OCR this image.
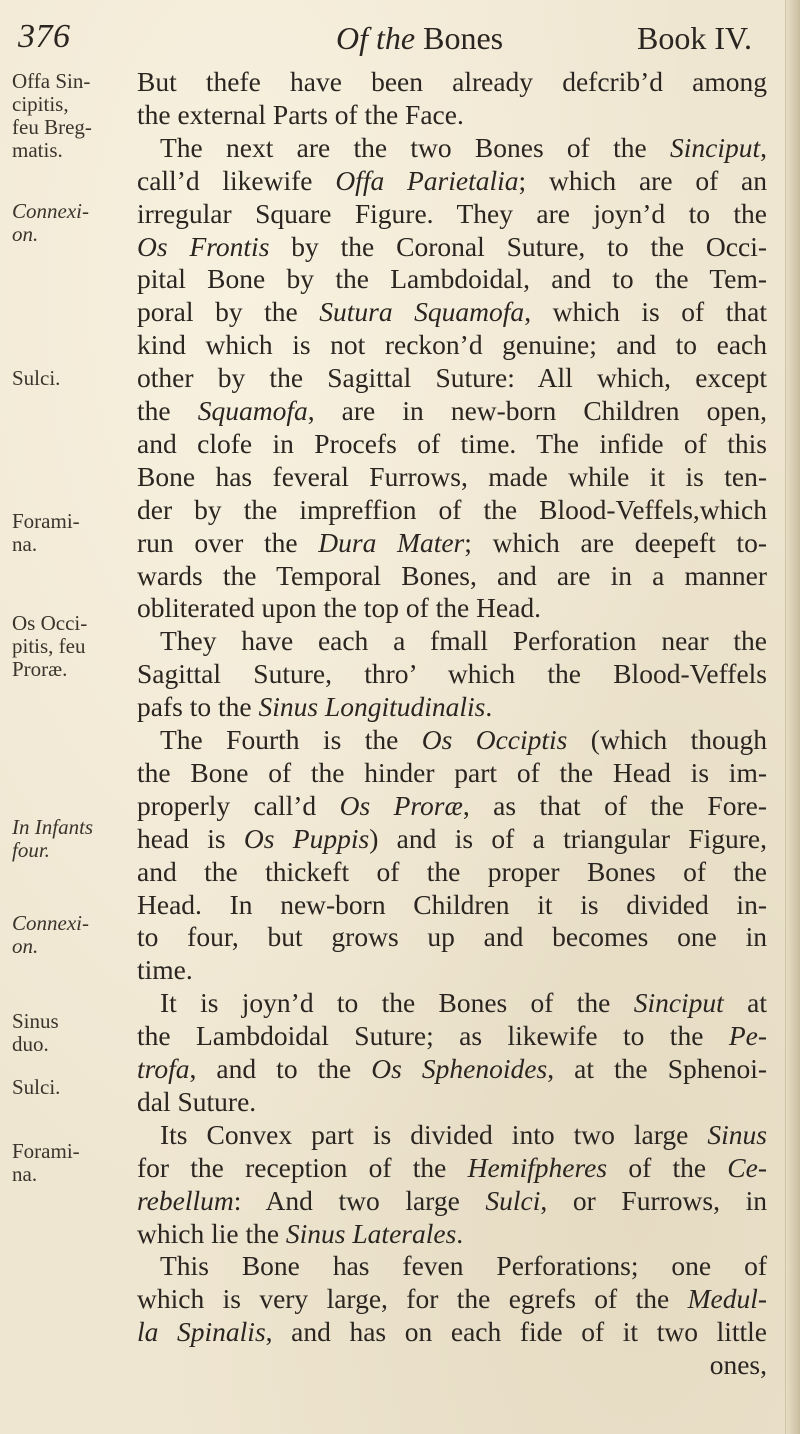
376	Of the Bones	Book IV.
Offa Sin-
cipitis,
feu Breg-
matis.
Connexi-
on.
Sulci.
Forami-
na.
Os Occi-
pitis, feu
Proræ.
In Infants
four.
Connexi-
on.
Sinus
duo.
Sulci.
Forami-
na.
But thefe have been already defcrib’d among
the external Parts of the Face.
The next are the two Bones of the Sinciput,
call’d likewife Offa Parietalia; which are of an
irregular Square Figure. They are joyn’d to the
Os Frontis by the Coronal Suture, to the Occi-
pital Bone by the Lambdoidal, and to the Tem-
poral by the Sutura Squamofa, which is of that
kind which is not reckon’d genuine; and to each
other by the Sagittal Suture: All which, except
the Squamofa, are in new-born Children open,
and clofe in Procefs of time. The infide of this
Bone has feveral Furrows, made while it is ten-
der by the impreffion of the Blood-Veffels,which
run over the Dura Mater; which are deepeft to-
wards the Temporal Bones, and are in a manner
obliterated upon the top of the Head.
They have each a fmall Perforation near the
Sagittal Suture, thro’ which the Blood-Veffels
pafs to the Sinus Longitudinalis.
The Fourth is the Os Occiptis (which though
the Bone of the hinder part of the Head is im-
properly call’d Os Proræ, as that of the Fore-
head is Os Puppis) and is of a triangular Figure,
and the thickeft of the proper Bones of the
Head. In new-born Children it is divided in-
to four, but grows up and becomes one in
time.
It is joyn’d to the Bones of the Sinciput at
the Lambdoidal Suture; as likewife to the Pe-
trofa, and to the Os Sphenoides, at the Sphenoi-
dal Suture.
Its Convex part is divided into two large Sinus
for the reception of the Hemifpheres of the Ce-
rebellum: And two large Sulci, or Furrows, in
which lie the Sinus Laterales.
This Bone has feven Perforations; one of
which is very large, for the egrefs of the Medul-
la Spinalis, and has on each fide of it two little
ones,
